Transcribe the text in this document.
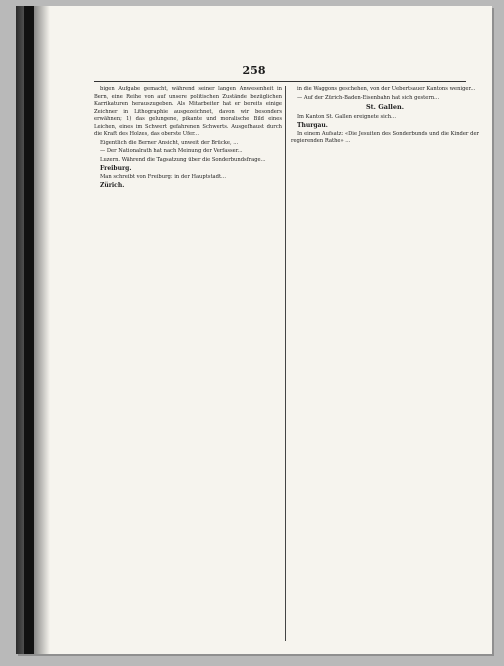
258

bigen Aufgabe gemacht, während seiner langen Anwesenheit in Bern, eine Reihe von auf unsere politischen Zustände bezüglichen Karrikaturen herauszugeben. Als Mitarbeiter hat er bereits einige Zeichner in Lithographie ausgezeichnet, davon wir besonders erwähnen; 1) das gelungene, pikante und moralische Bild eines Leichen, eines im Schwert gefahrenen Schwerts. Ausgefhaust durch die Kraft des Holzes, das oberste Ufer...

Eigentlich die Berner Ansicht, unweit der Brücke, ...

— Der Nationalrath hat nach Meinung der Verfasser...

Luzern. Während die Tagsatzung über die Sonderbundsfrage...

Freiburg.

Man schreibt von Freiburg: in der Hauptstadt...

Zürich.

in die Waggons geschehen, von der Uebertsauer Kantons weniger...

— Auf der Zürich-Baden-Eisenbahn hat sich gestern...

St. Gallen.

Im Kanton St. Gallen ereignete sich...

Thurgau.

In einem Aufsatz: «Die Jesuiten des Sonderbunds und die Kinder der regierenden Rathe» ...
